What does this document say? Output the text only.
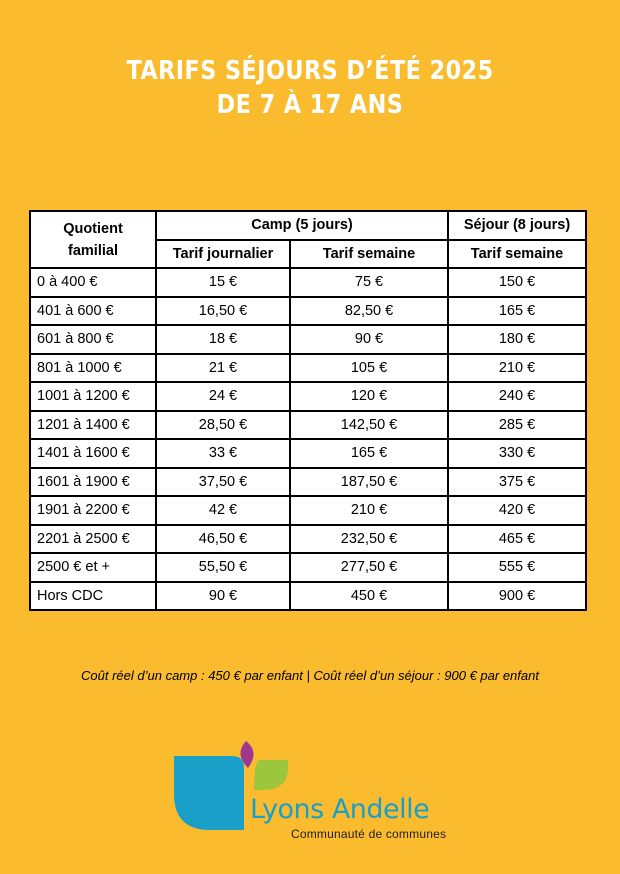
TARIFS SÉJOURS D’ÉTÉ 2025
DE 7 À 17 ANS
Quotient familial	Camp (5 jours)		Séjour (8 jours)
	Tarif journalier	Tarif semaine	Tarif semaine
0 à 400 €	15 €	75 €	150 €
401 à 600 €	16,50 €	82,50 €	165 €
601 à 800 €	18 €	90 €	180 €
801 à 1000 €	21 €	105 €	210 €
1001 à 1200 €	24 €	120 €	240 €
1201 à 1400 €	28,50 €	142,50 €	285 €
1401 à 1600 €	33 €	165 €	330 €
1601 à 1900 €	37,50 €	187,50 €	375 €
1901 à 2200 €	42 €	210 €	420 €
2201 à 2500 €	46,50 €	232,50 €	465 €
2500 € et +	55,50 €	277,50 €	555 €
Hors CDC	90 €	450 €	900 €
Coût réel d’un camp : 450 € par enfant | Coût réel d’un séjour : 900 € par enfant
Lyons Andelle
Communauté de communes
